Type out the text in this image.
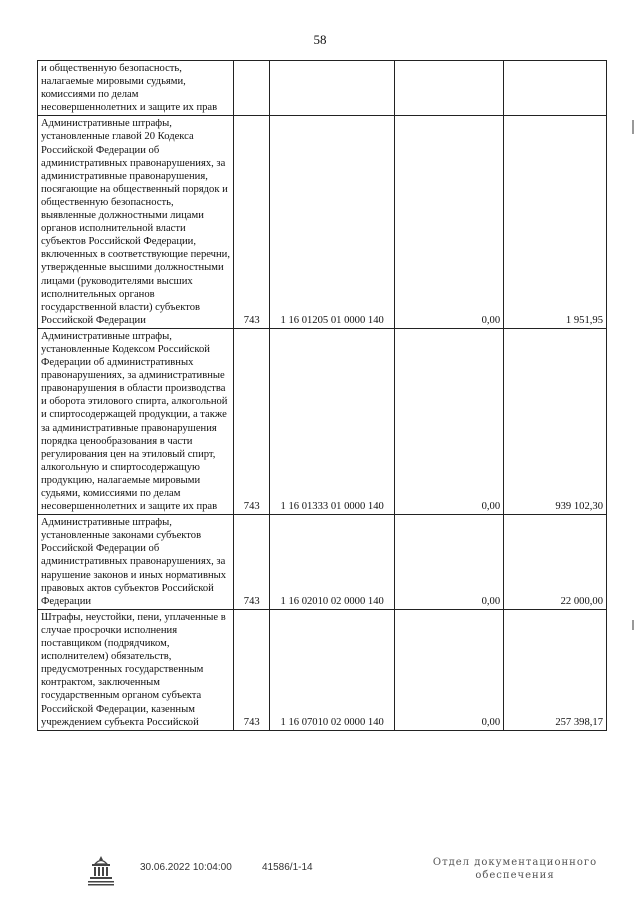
58
и общественную безопасность, налагаемые мировыми судьями, комиссиями по делам несовершеннолетних и защите их прав				
Административные штрафы, установленные главой 20 Кодекса Российской Федерации об административных правонарушениях, за административные правонарушения, посягающие на общественный порядок и общественную безопасность, выявленные должностными лицами органов исполнительной власти субъектов Российской Федерации, включенных в соответствующие перечни, утвержденные высшими должностными лицами (руководителями высших исполнительных органов государственной власти) субъектов Российской Федерации	743	1 16 01205 01 0000 140	0,00	1 951,95
Административные штрафы, установленные Кодексом Российской Федерации об административных правонарушениях, за административные правонарушения в области производства и оборота этилового спирта, алкогольной и спиртосодержащей продукции, а также за административные правонарушения порядка ценообразования в части регулирования цен на этиловый спирт, алкогольную и спиртосодержащую продукцию, налагаемые мировыми судьями, комиссиями по делам несовершеннолетних и защите их прав	743	1 16 01333 01 0000 140	0,00	939 102,30
Административные штрафы, установленные законами субъектов Российской Федерации об административных правонарушениях, за нарушение законов и иных нормативных правовых актов субъектов Российской Федерации	743	1 16 02010 02 0000 140	0,00	22 000,00
Штрафы, неустойки, пени, уплаченные в случае просрочки исполнения поставщиком (подрядчиком, исполнителем) обязательств, предусмотренных государственным контрактом, заключенным государственным органом субъекта Российской Федерации, казенным учреждением субъекта Российской	743	1 16 07010 02 0000 140	0,00	257 398,17
30.06.2022 10:04:00	41586/1-14	Отдел документационного
обеспечения
